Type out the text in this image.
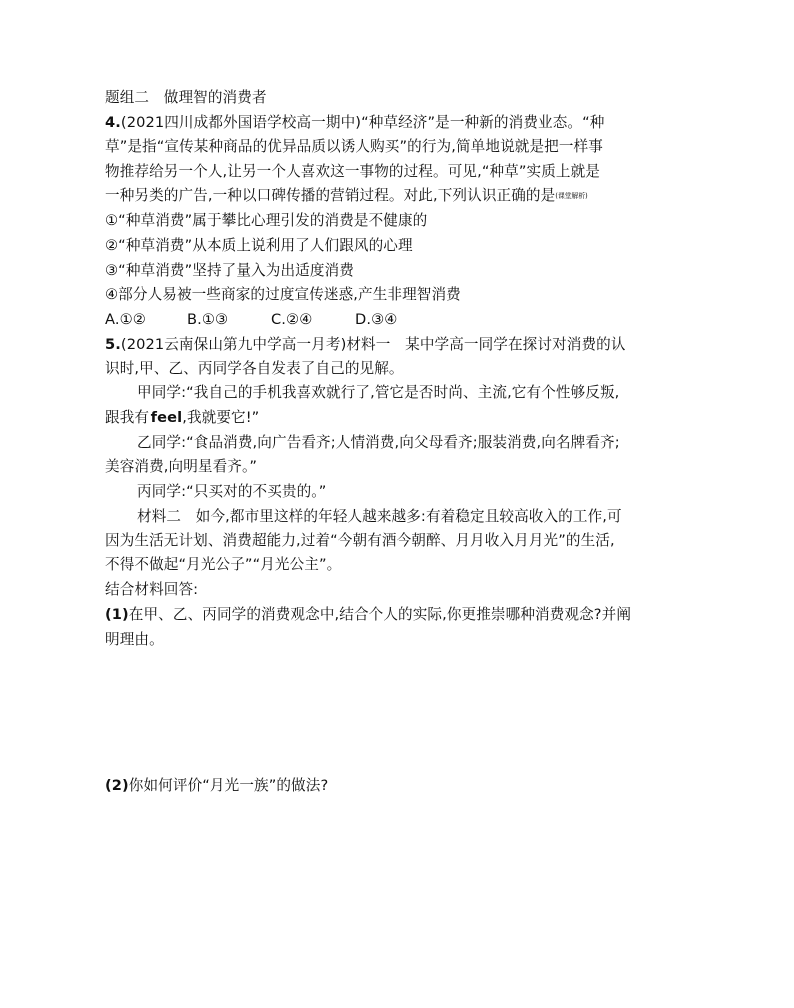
题组二　做理智的消费者
4.(2021四川成都外国语学校高一期中)“种草经济”是一种新的消费业态。“种
草”是指“宣传某种商品的优异品质以诱人购买”的行为,简单地说就是把一样事
物推荐给另一个人,让另一个人喜欢这一事物的过程。可见,“种草”实质上就是
一种另类的广告,一种以口碑传播的营销过程。对此,下列认识正确的是(课堂解析)
①“种草消费”属于攀比心理引发的消费是不健康的
②“种草消费”从本质上说利用了人们跟风的心理
③“种草消费”坚持了量入为出适度消费
④部分人易被一些商家的过度宣传迷惑,产生非理智消费
A.①②	B.①③	C.②④	D.③④
5.(2021云南保山第九中学高一月考)材料一　某中学高一同学在探讨对消费的认
识时,甲、乙、丙同学各自发表了自己的见解。
甲同学:“我自己的手机我喜欢就行了,管它是否时尚、主流,它有个性够反叛,
跟我有  feel,我就要它!”
乙同学:“食品消费,向广告看齐;人情消费,向父母看齐;服装消费,向名牌看齐;
美容消费,向明星看齐。”
丙同学:“只买对的不买贵的。”
材料二　如今,都市里这样的年轻人越来越多:有着稳定且较高收入的工作,可
因为生活无计划、消费超能力,过着“今朝有酒今朝醉、月月收入月月光”的生活,
不得不做起“月光公子”“月光公主”。
结合材料回答:
(1)在甲、乙、丙同学的消费观念中,结合个人的实际,你更推崇哪种消费观念?并阐
明理由。
(2)你如何评价“月光一族”的做法?
